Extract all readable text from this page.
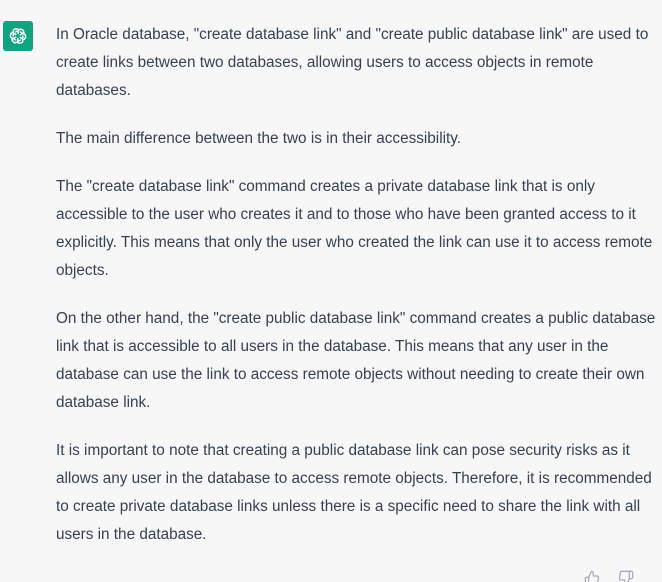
In Oracle database, "create database link" and "create public database link" are used to create links between two databases, allowing users to access objects in remote databases.

The main difference between the two is in their accessibility.

The "create database link" command creates a private database link that is only accessible to the user who creates it and to those who have been granted access to it explicitly. This means that only the user who created the link can use it to access remote objects.

On the other hand, the "create public database link" command creates a public database link that is accessible to all users in the database. This means that any user in the database can use the link to access remote objects without needing to create their own database link.

It is important to note that creating a public database link can pose security risks as it allows any user in the database to access remote objects. Therefore, it is recommended to create private database links unless there is a specific need to share the link with all users in the database.
